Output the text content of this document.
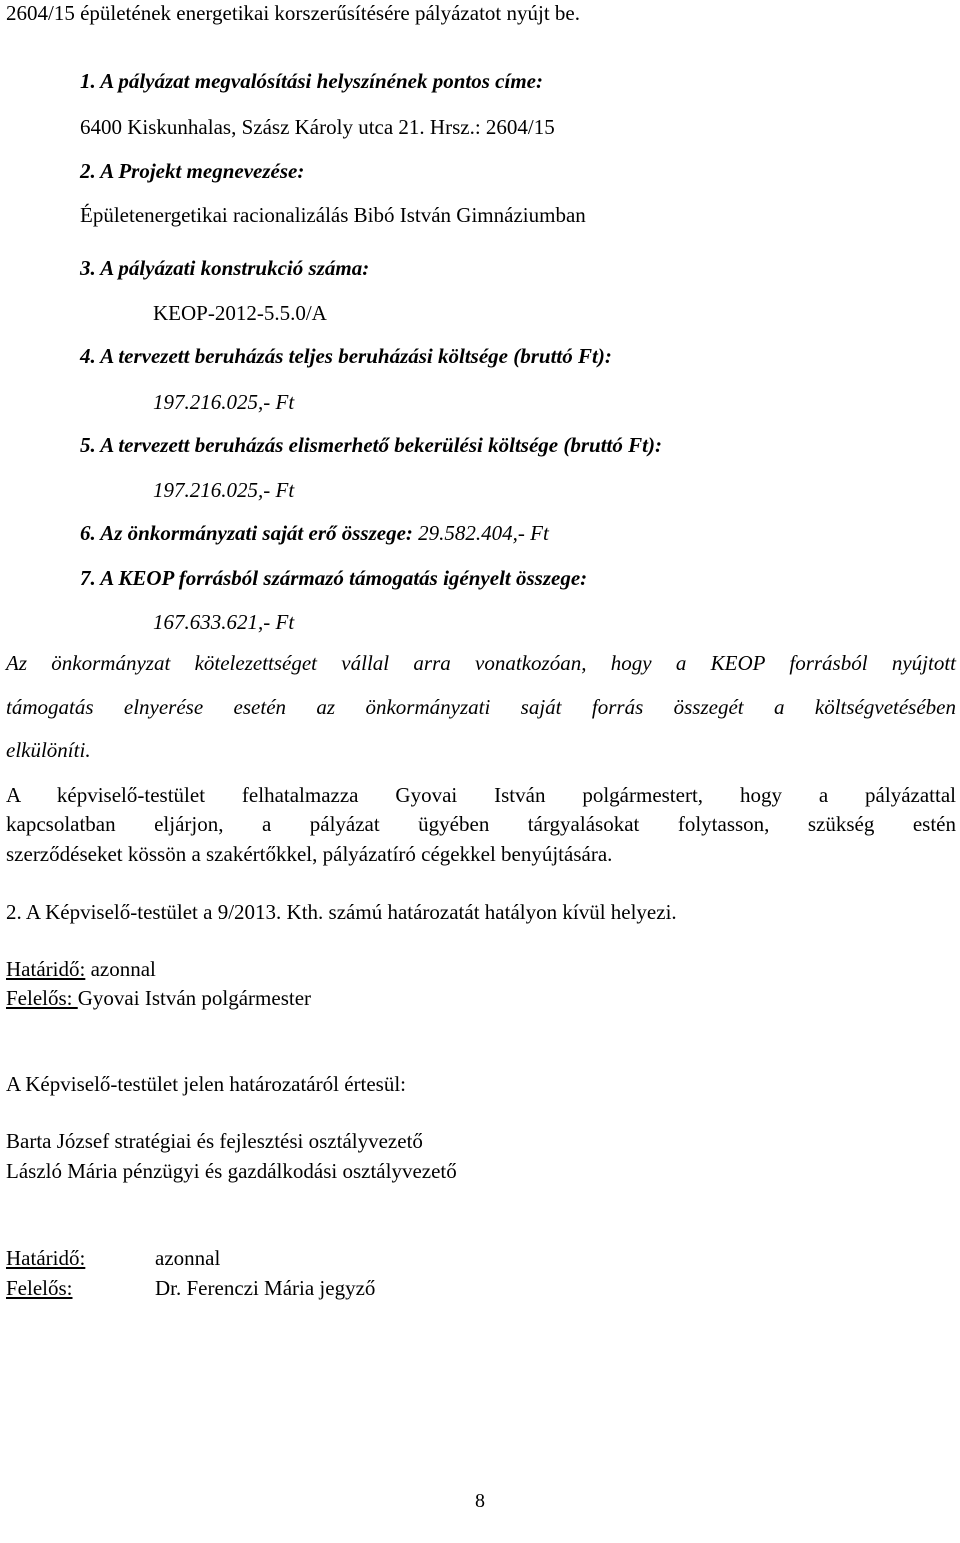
2604/15 épületének energetikai korszerűsítésére pályázatot nyújt be.
1. A pályázat megvalósítási helyszínének pontos címe:
6400 Kiskunhalas, Szász Károly utca 21. Hrsz.: 2604/15
2. A Projekt megnevezése:
Épületenergetikai racionalizálás Bibó István Gimnáziumban
3. A pályázati konstrukció száma:
KEOP-2012-5.5.0/A
4. A tervezett beruházás teljes beruházási költsége (bruttó Ft):
197.216.025,- Ft
5. A tervezett beruházás elismerhető bekerülési költsége (bruttó Ft):
197.216.025,- Ft
6. Az önkormányzati saját erő összege: 29.582.404,- Ft
7. A KEOP forrásból származó támogatás igényelt összege:
167.633.621,- Ft
Az önkormányzat kötelezettséget vállal arra vonatkozóan, hogy a KEOP forrásból nyújtott
támogatás elnyerése esetén az önkormányzati saját forrás összegét a költségvetésében
elkülöníti.
A képviselő-testület felhatalmazza Gyovai István polgármestert, hogy a pályázattal
kapcsolatban eljárjon, a pályázat ügyében tárgyalásokat folytasson, szükség estén
szerződéseket kössön a szakértőkkel, pályázatíró cégekkel benyújtására.
2. A Képviselő-testület a 9/2013. Kth. számú határozatát hatályon kívül helyezi.
Határidő: azonnal
Felelős: Gyovai István polgármester
A Képviselő-testület jelen határozatáról értesül:
Barta József stratégiai és fejlesztési osztályvezető
László Mária pénzügyi és gazdálkodási osztályvezető
Határidő:	azonnal
Felelős:	Dr. Ferenczi Mária jegyző
8
